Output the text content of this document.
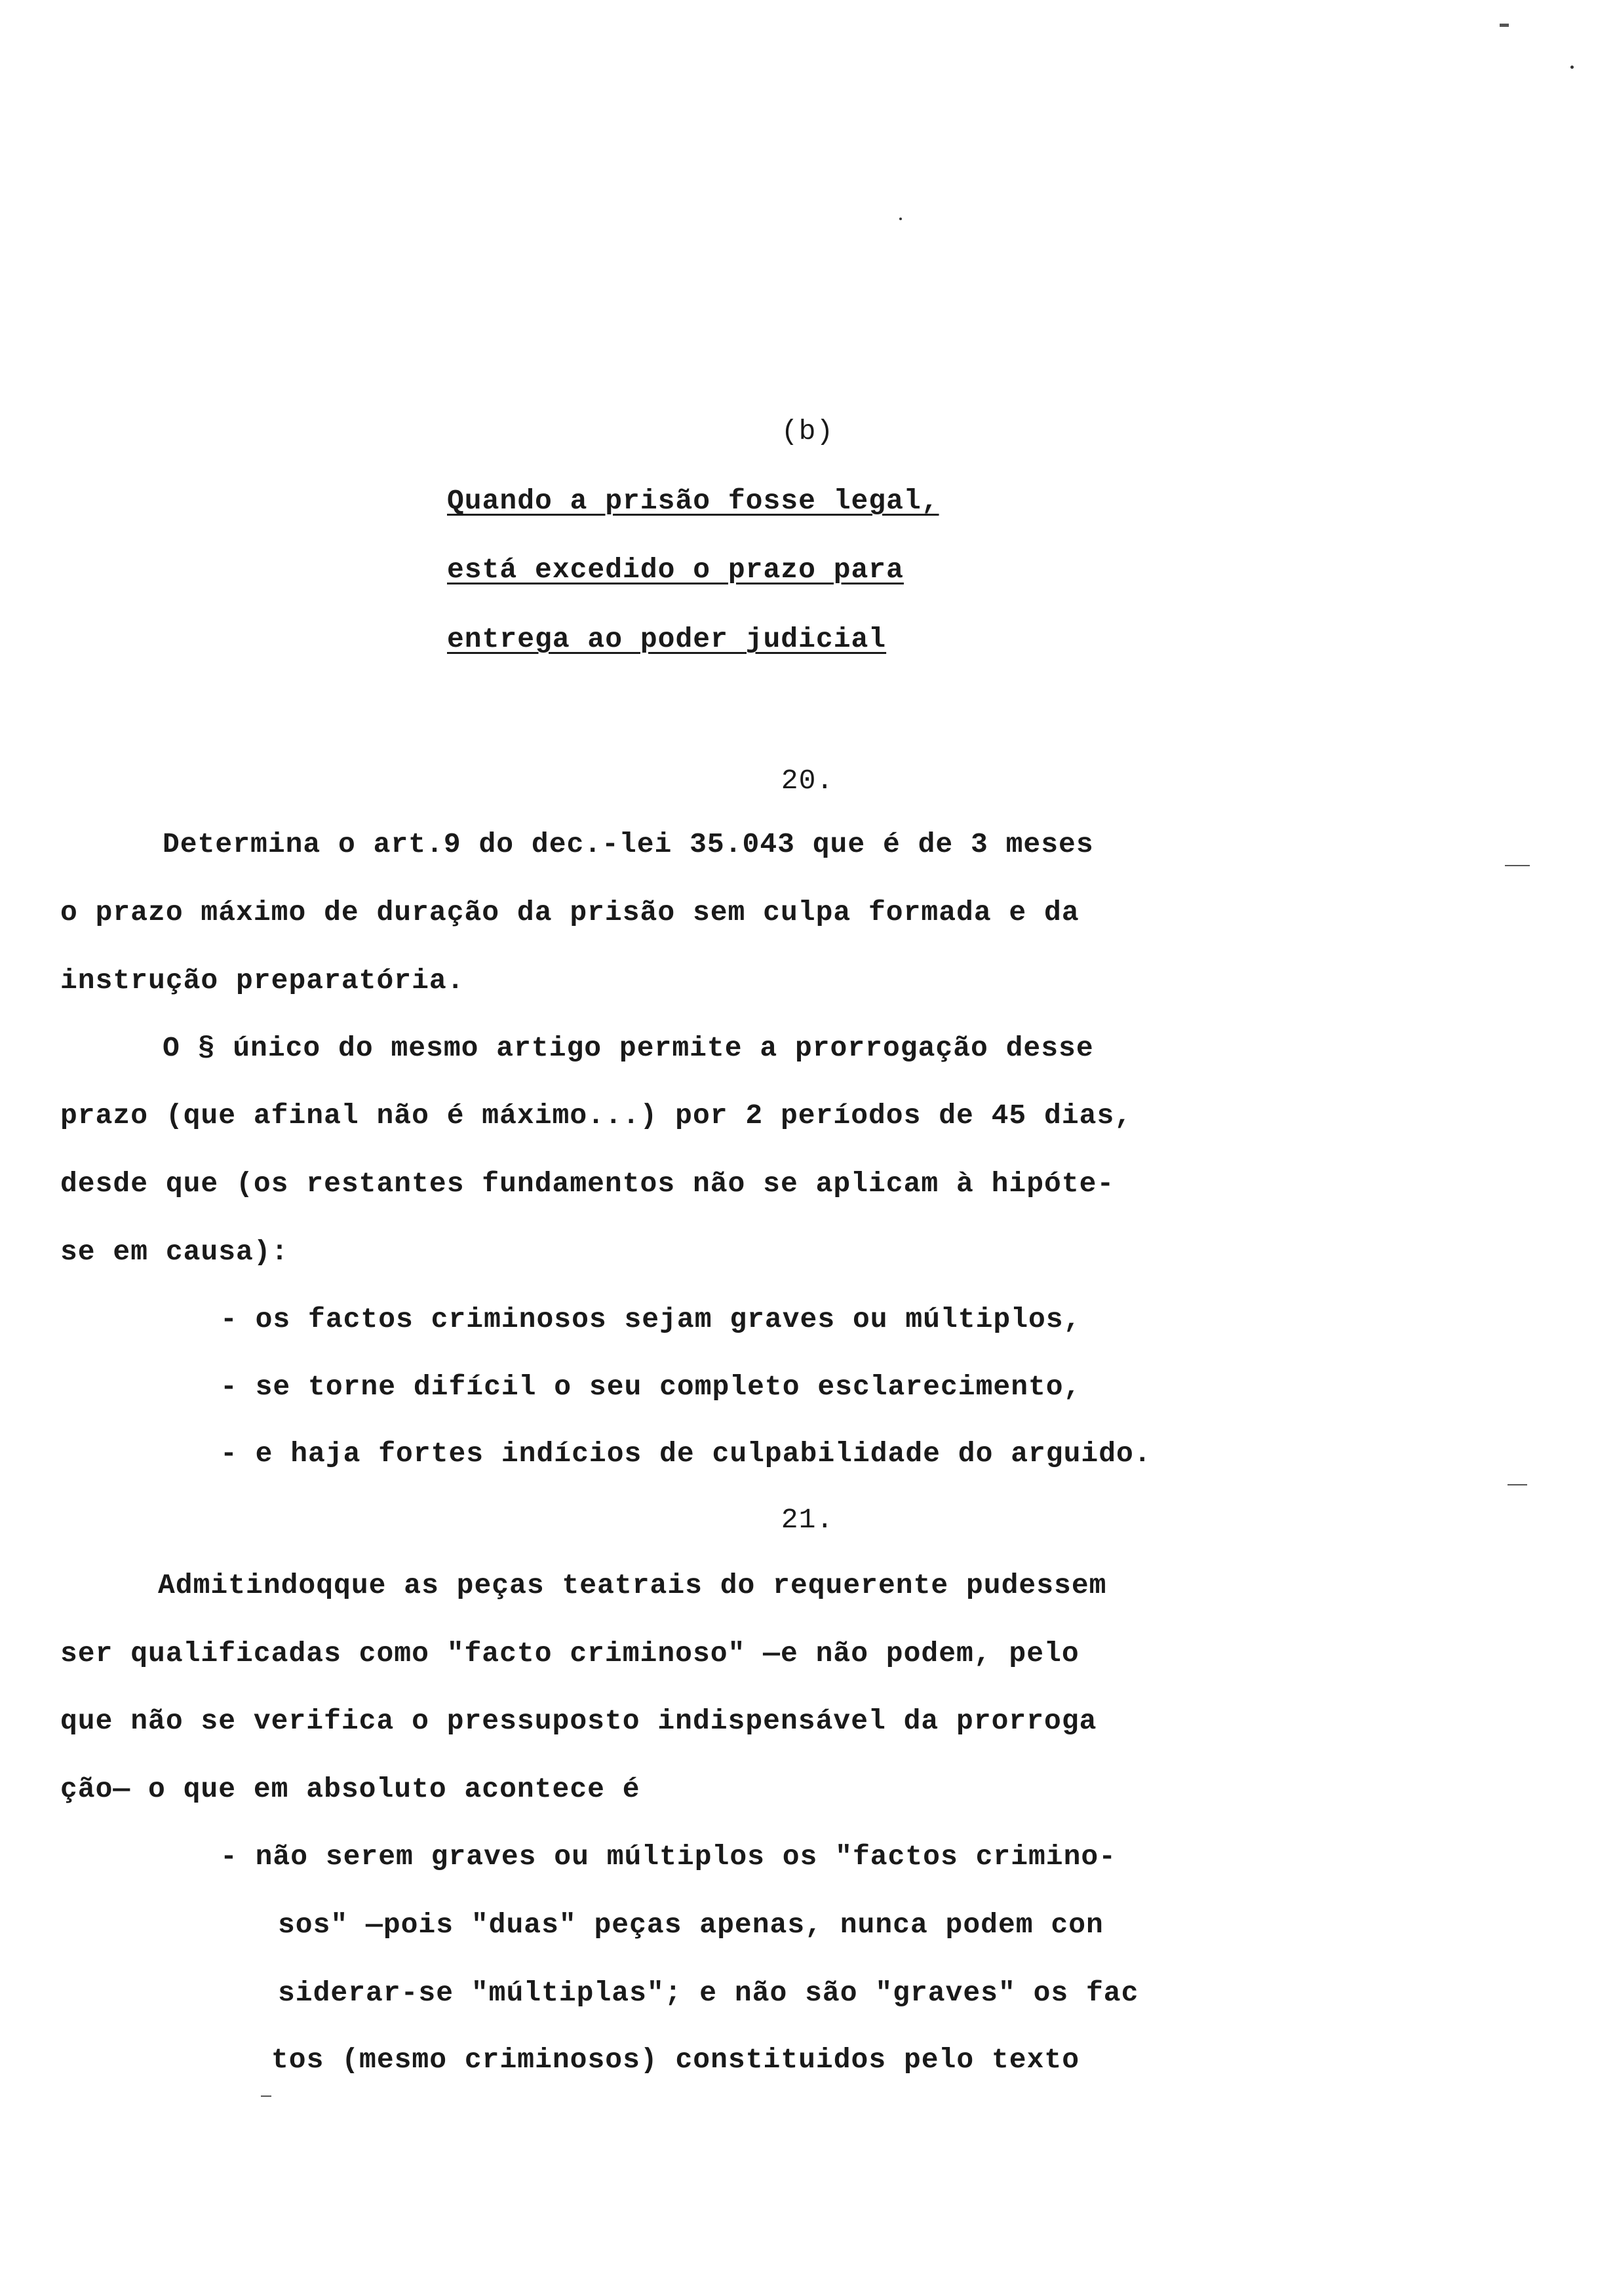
(b)
Quando a prisão fosse legal,
está excedido o prazo para
entrega ao poder judicial
20.
Determina o art.9 do dec.-lei 35.043 que é de 3 meses
o prazo máximo de duração da prisão sem culpa formada e da
instrução preparatória.
O § único do mesmo artigo permite a prorrogação desse
prazo (que afinal não é máximo...) por 2 períodos de 45 dias,
desde que (os restantes fundamentos não se aplicam à hipóte-
se em causa):
- os factos criminosos sejam graves ou múltiplos,
- se torne difícil o seu completo esclarecimento,
- e haja fortes indícios de culpabilidade do arguido.
21.
Admitindoqque as peças teatrais do requerente pudessem
ser qualificadas como "facto criminoso" —e não podem, pelo
que não se verifica o pressuposto indispensável da prorroga
ção— o que em absoluto acontece é
- não serem graves ou múltiplos os "factos crimino-
sos" —pois "duas" peças apenas, nunca podem con
siderar-se "múltiplas"; e não são "graves" os fac
tos (mesmo criminosos) constituidos pelo texto
